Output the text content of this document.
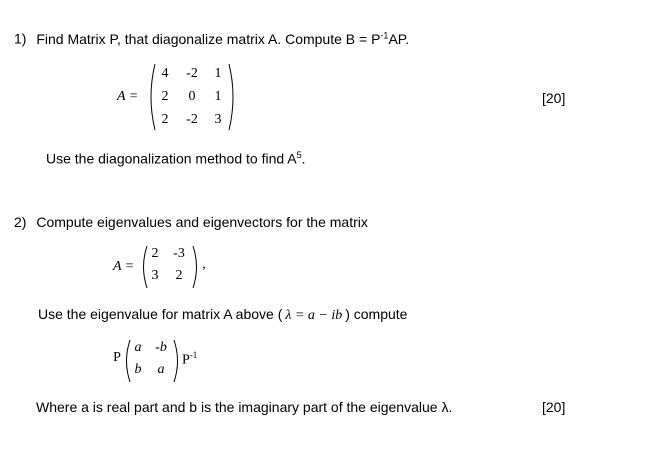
1) Find Matrix P, that diagonalize matrix A. Compute $B = P^{-1}AP$.
A =
4	-2	1
2	0	1
2	-2	3
[20]
Use the diagonalization method to find $A^5$.
2) Compute eigenvalues and eigenvectors for the matrix
A =
2	-3
3	2
,
Use the eigenvalue for matrix A above ( λ = a − ib ) compute
P
a -b
b	a
$P^{-1}$
Where a is real part and b is the imaginary part of the eigenvalue λ.	[20]
